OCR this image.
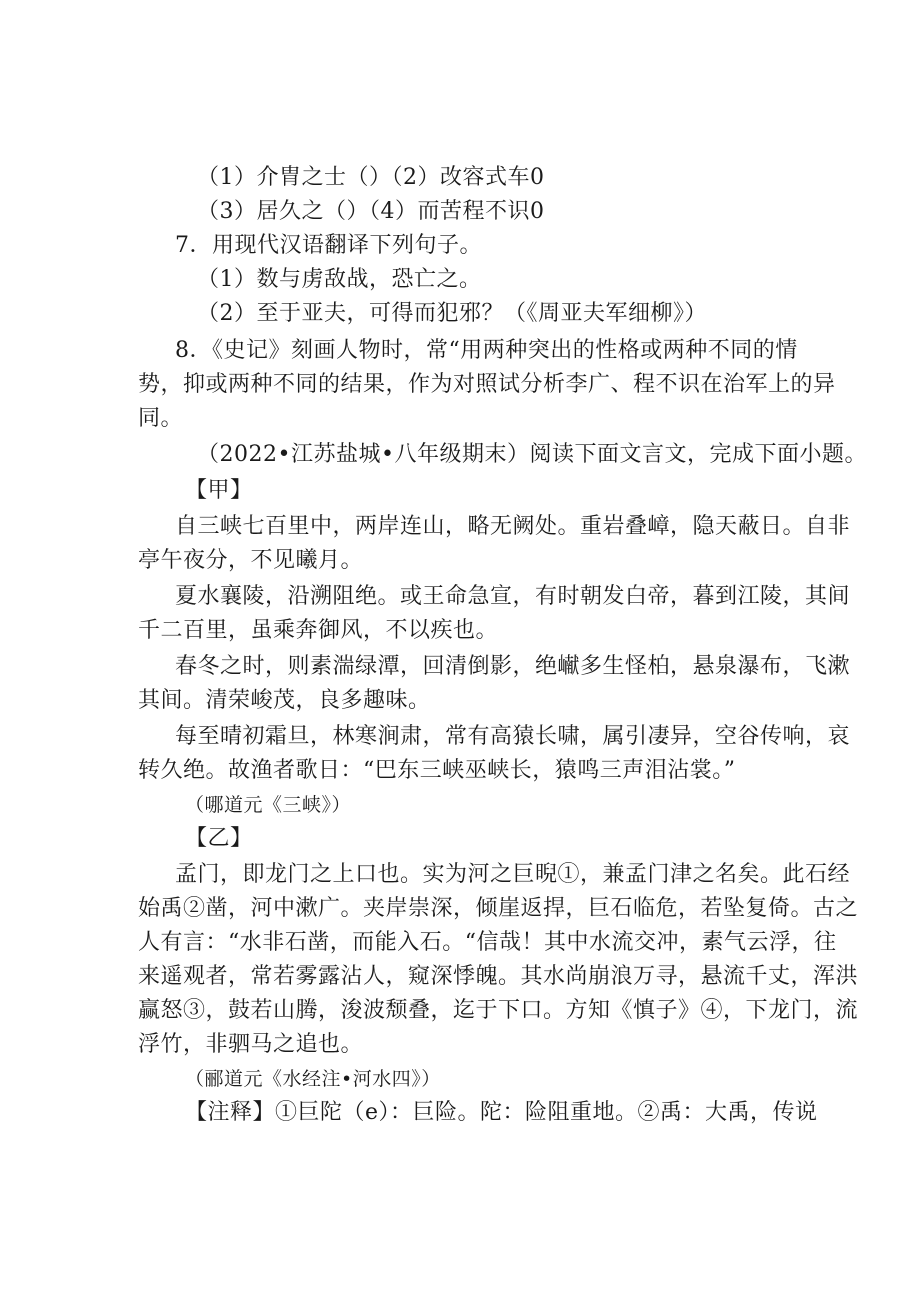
（1）介胄之士（）（2）改容式车0
（3）居久之（）（4）而苦程不识0
7．用现代汉语翻译下列句子。
（1）数与虏敌战，恐亡之。
（2）至于亚夫，可得而犯邪？（《周亚夫军细柳》）
8．《史记》刻画人物时，常“用两种突出的性格或两种不同的情
势，抑或两种不同的结果，作为对照试分析李广、程不识在治军上的异
同。
（2022•江苏盐城•八年级期末）阅读下面文言文，完成下面小题。
【甲】
自三峡七百里中，两岸连山，略无阙处。重岩叠嶂，隐天蔽日。自非
亭午夜分，不见曦月。
夏水襄陵，沿溯阻绝。或王命急宣，有时朝发白帝，暮到江陵，其间
千二百里，虽乘奔御风，不以疾也。
春冬之时，则素湍绿潭，回清倒影，绝𪩘多生怪柏，悬泉瀑布，飞漱
其间。清荣峻茂，良多趣味。
每至晴初霜旦，林寒涧肃，常有高猿长啸，属引凄异，空谷传响，哀
转久绝。故渔者歌日：“巴东三峡巫峡长，猿鸣三声泪沾裳。”
（哪道元《三峡》）
【乙】
孟门，即龙门之上口也。实为河之巨晲①，兼孟门津之名矣。此石经
始禹②凿，河中漱广。夹岸崇深，倾崖返捍，巨石临危，若坠复倚。古之
人有言：“水非石凿，而能入石。“信哉！其中水流交冲，素气云浮，往
来遥观者，常若雾露沾人，窥深悸魄。其水尚崩浪万寻，悬流千丈，浑洪
赢怒③，鼓若山腾，浚波颓叠，迄于下口。方知《慎子》④，下龙门，流
浮竹，非驷马之追也。
（郦道元《水经注•河水四》）
【注释】①巨陀（e）：巨险。陀：险阻重地。②禹：大禹，传说
